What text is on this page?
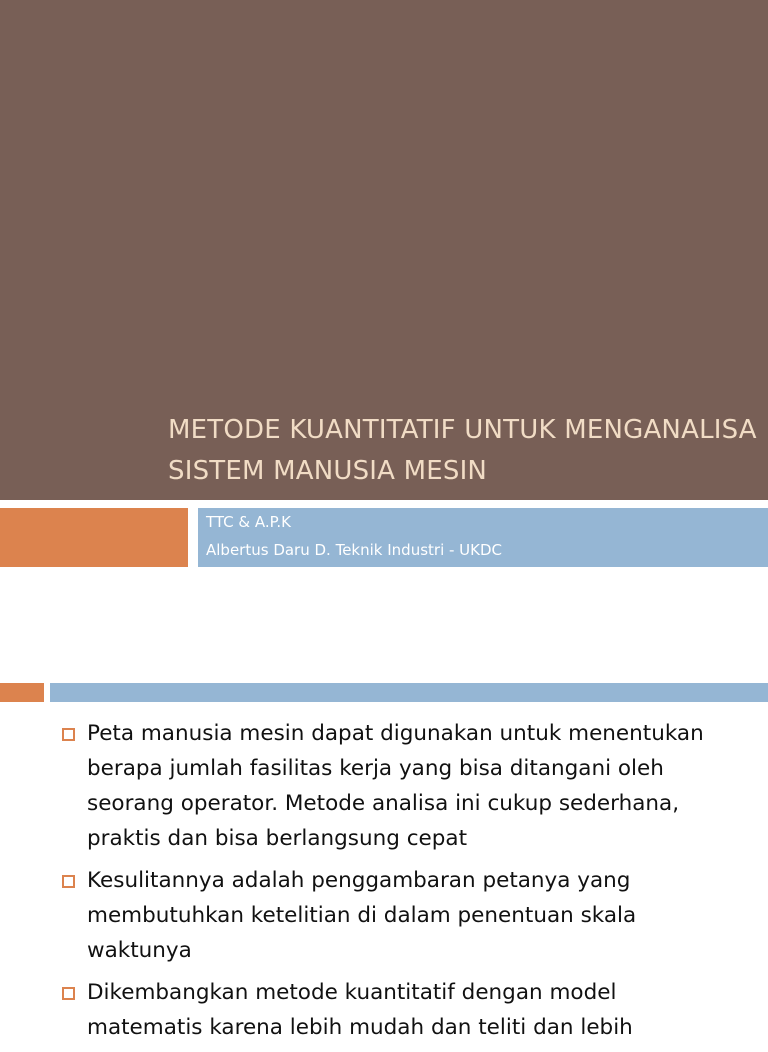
METODE KUANTITATIF UNTUK MENGANALISA SISTEM MANUSIA MESIN
TTC & A.P.K
Albertus Daru D. Teknik Industri - UKDC
Peta manusia mesin dapat digunakan untuk menentukan berapa jumlah fasilitas kerja yang bisa ditangani oleh seorang operator. Metode analisa ini cukup sederhana, praktis dan bisa berlangsung cepat
Kesulitannya adalah penggambaran petanya yang membutuhkan ketelitian di dalam penentuan skala waktunya
Dikembangkan metode kuantitatif dengan model matematis karena lebih mudah dan teliti dan lebih
